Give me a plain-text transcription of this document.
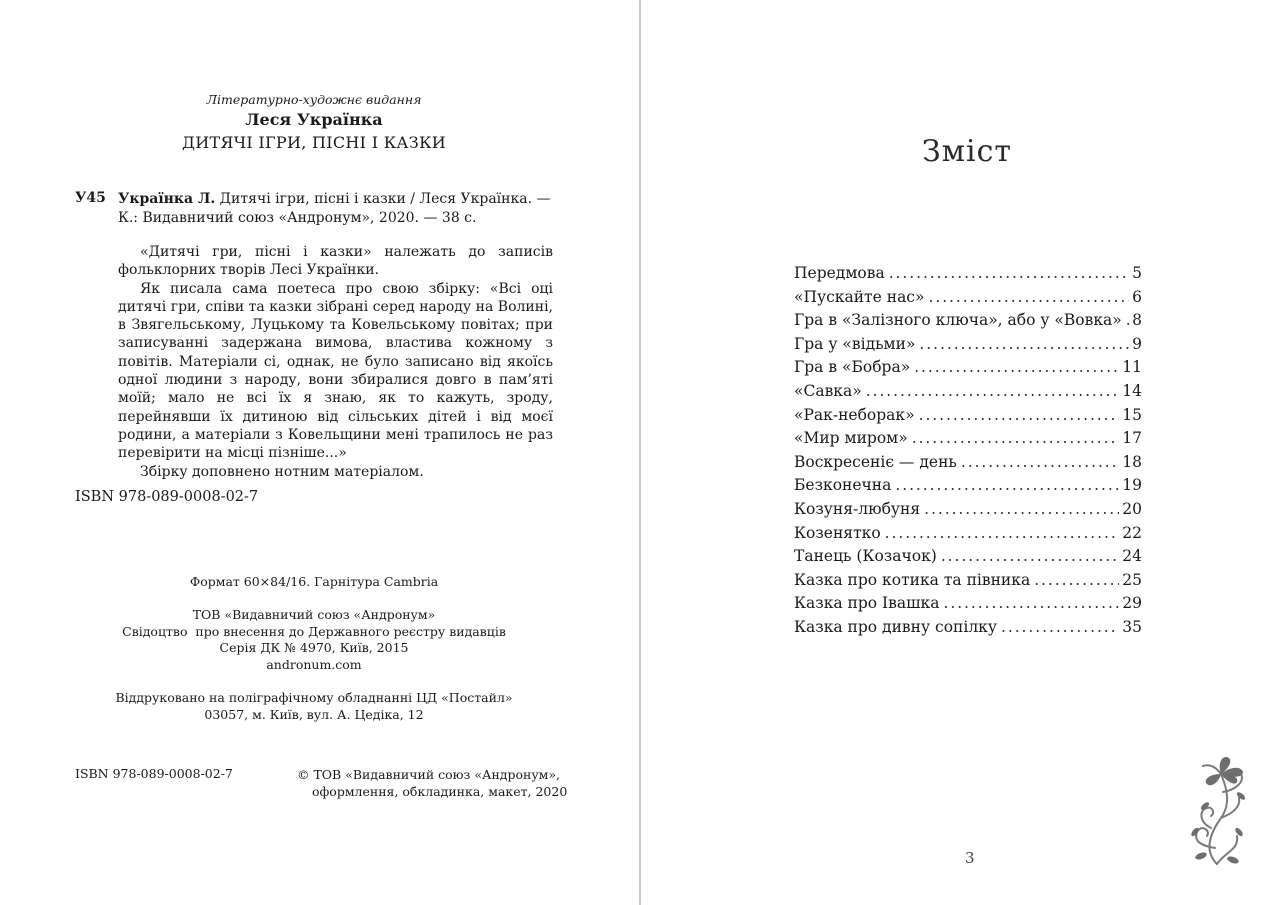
Літературно-художнє видання
Леся Українка
ДИТЯЧІ ІГРИ, ПІСНІ І КАЗКИ
У45 Українка Л. Дитячі ігри, пісні і казки / Леся Українка. — К.: Видавничий союз «Андронум», 2020. — 38 с.

«Дитячі гри, пісні і казки» належать до записів фольклорних творів Лесі Українки.

Як писала сама поетеса про свою збірку: «Всі оці дитячі гри, співи та казки зібрані серед народу на Волині, в Звягельському, Луцькому та Ковельському повітах; при записуванні задержана вимова, властива кожному з повітів. Матеріали сі, однак, не було записано від якоїсь одної людини з народу, вони збиралися довго в пам’яті моїй; мало не всі їх я знаю, як то кажуть, зроду, перейнявши їх дитиною від сільських дітей і від моєї родини, а матеріали з Ковельщини мені трапилось не раз перевірити на місці пізніше...»

Збірку доповнено нотним матеріалом.

ISBN 978-089-0008-02-7
Формат 60×84/16. Гарнітура Cambria
ТОВ «Видавничий союз «Андронум»
Свідоцтво  про внесення до Державного реєстру видавців
Серія ДК № 4970, Київ, 2015
andronum.com
Віддруковано на поліграфічному обладнанні ЦД «Постайл»
03057, м. Київ, вул. А. Цедіка, 12
ISBN 978-089-0008-02-7	© ТОВ «Видавничий союз «Андронум»,
оформлення, обкладинка, макет, 2020
Зміст
Передмова . . .	5
«Пускайте нас» . . .	6
Гра в «Залізного ключа», або у «Вовка» . . . 8
Гра у «відьми» . . .	9
Гра в «Бобра» . . .	11
«Савка» . . .	14
«Рак-неборак» . . .	15
«Мир миром» . . .	17
Воскресеніє — день . . .	18
Безконечна . . .	19
Козуня-любуня . . .	20
Козенятко . . .	22
Танець (Козачок) . . .	24
Казка про котика та півника . . .	25
Казка про Івашка . . .	29
Казка про дивну сопілку . . .	35
3
